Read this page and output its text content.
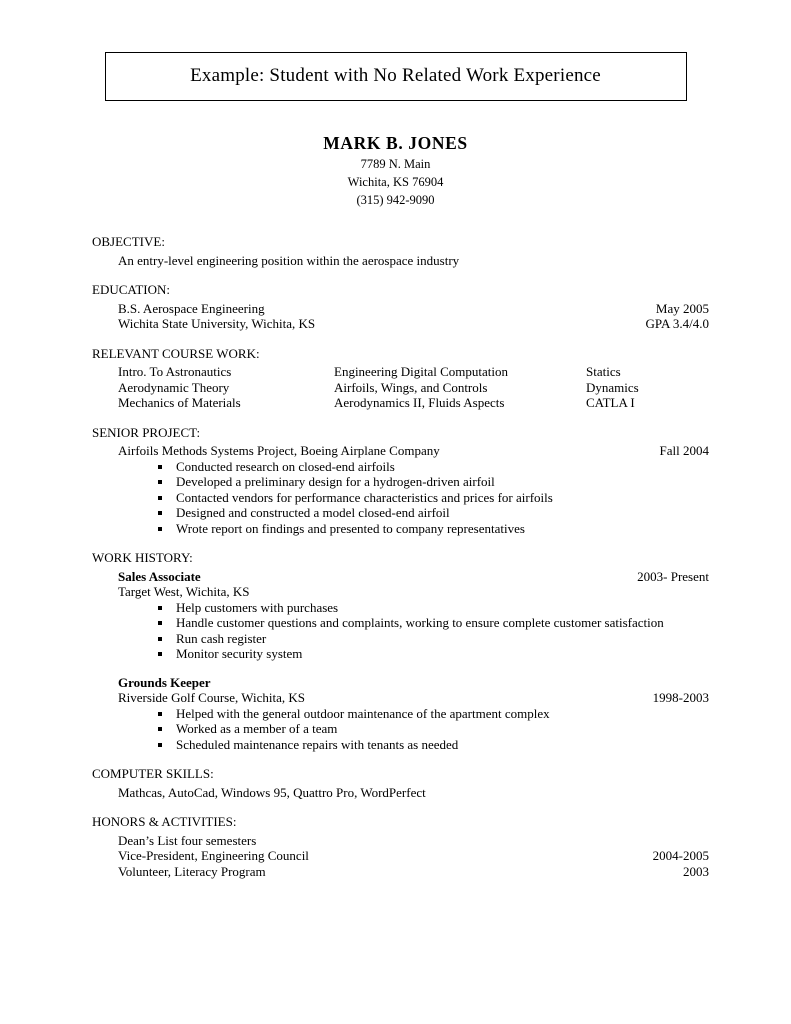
Example: Student with No Related Work Experience
MARK B. JONES
7789 N. Main
Wichita, KS 76904
(315) 942-9090
OBJECTIVE:
An entry-level engineering position within the aerospace industry
EDUCATION:
B.S. Aerospace Engineering	May 2005
Wichita State University, Wichita, KS	GPA 3.4/4.0
RELEVANT COURSE WORK:
Intro. To Astronautics	Engineering Digital Computation	Statics
Aerodynamic Theory	Airfoils, Wings, and Controls	Dynamics
Mechanics of Materials	Aerodynamics II, Fluids Aspects	CATLA I
SENIOR PROJECT:
Airfoils Methods Systems Project, Boeing Airplane Company	Fall 2004
Conducted research on closed-end airfoils
Developed a preliminary design for a hydrogen-driven airfoil
Contacted vendors for performance characteristics and prices for airfoils
Designed and constructed a model closed-end airfoil
Wrote report on findings and presented to company representatives
WORK HISTORY:
Sales Associate	2003- Present
Target West, Wichita, KS
Help customers with purchases
Handle customer questions and complaints, working to ensure complete customer satisfaction
Run cash register
Monitor security system
Grounds Keeper
Riverside Golf Course, Wichita, KS	1998-2003
Helped with the general outdoor maintenance of the apartment complex
Worked as a member of a team
Scheduled maintenance repairs with tenants as needed
COMPUTER SKILLS:
Mathcas, AutoCad, Windows 95, Quattro Pro, WordPerfect
HONORS & ACTIVITIES:
Dean’s List four semesters
Vice-President, Engineering Council	2004-2005
Volunteer, Literacy Program	2003
